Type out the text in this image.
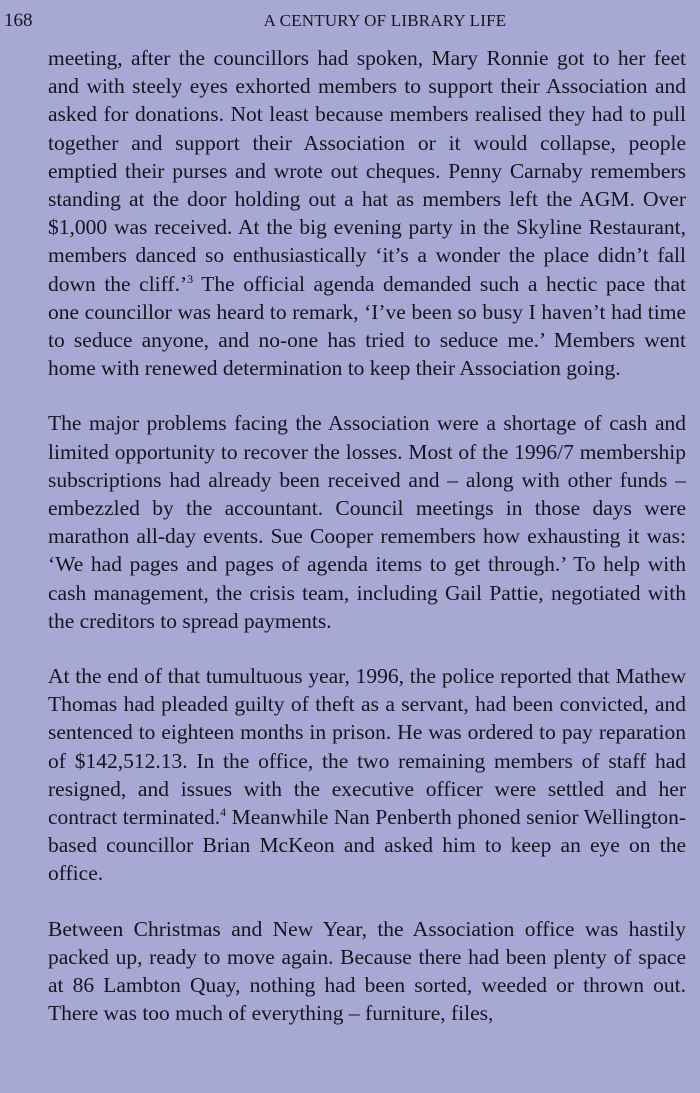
168	A CENTURY OF LIBRARY LIFE

meeting, after the councillors had spoken, Mary Ronnie got to her feet and with steely eyes exhorted members to support their Association and asked for donations. Not least because members realised they had to pull together and support their Association or it would collapse, people emptied their purses and wrote out cheques. Penny Carnaby remembers standing at the door holding out a hat as members left the AGM. Over $1,000 was received. At the big evening party in the Skyline Restaurant, members danced so enthusiastically ‘it’s a wonder the place didn’t fall down the cliff.’$^3$ The official agenda demanded such a hectic pace that one councillor was heard to remark, ‘I’ve been so busy I haven’t had time to seduce anyone, and no-one has tried to seduce me.’ Members went home with renewed determination to keep their Association going.

The major problems facing the Association were a shortage of cash and limited opportunity to recover the losses. Most of the 1996/7 membership subscriptions had already been received and – along with other funds – embezzled by the accountant. Council meetings in those days were marathon all-day events. Sue Cooper remembers how exhausting it was: ‘We had pages and pages of agenda items to get through.’ To help with cash management, the crisis team, including Gail Pattie, negotiated with the creditors to spread payments.

At the end of that tumultuous year, 1996, the police reported that Mathew Thomas had pleaded guilty of theft as a servant, had been convicted, and sentenced to eighteen months in prison. He was ordered to pay reparation of $142,512.13. In the office, the two remaining members of staff had resigned, and issues with the executive officer were settled and her contract terminated.$^4$ Meanwhile Nan Penberth phoned senior Wellington-based councillor Brian McKeon and asked him to keep an eye on the office.

Between Christmas and New Year, the Association office was hastily packed up, ready to move again. Because there had been plenty of space at 86 Lambton Quay, nothing had been sorted, weeded or thrown out. There was too much of everything – furniture, files,
